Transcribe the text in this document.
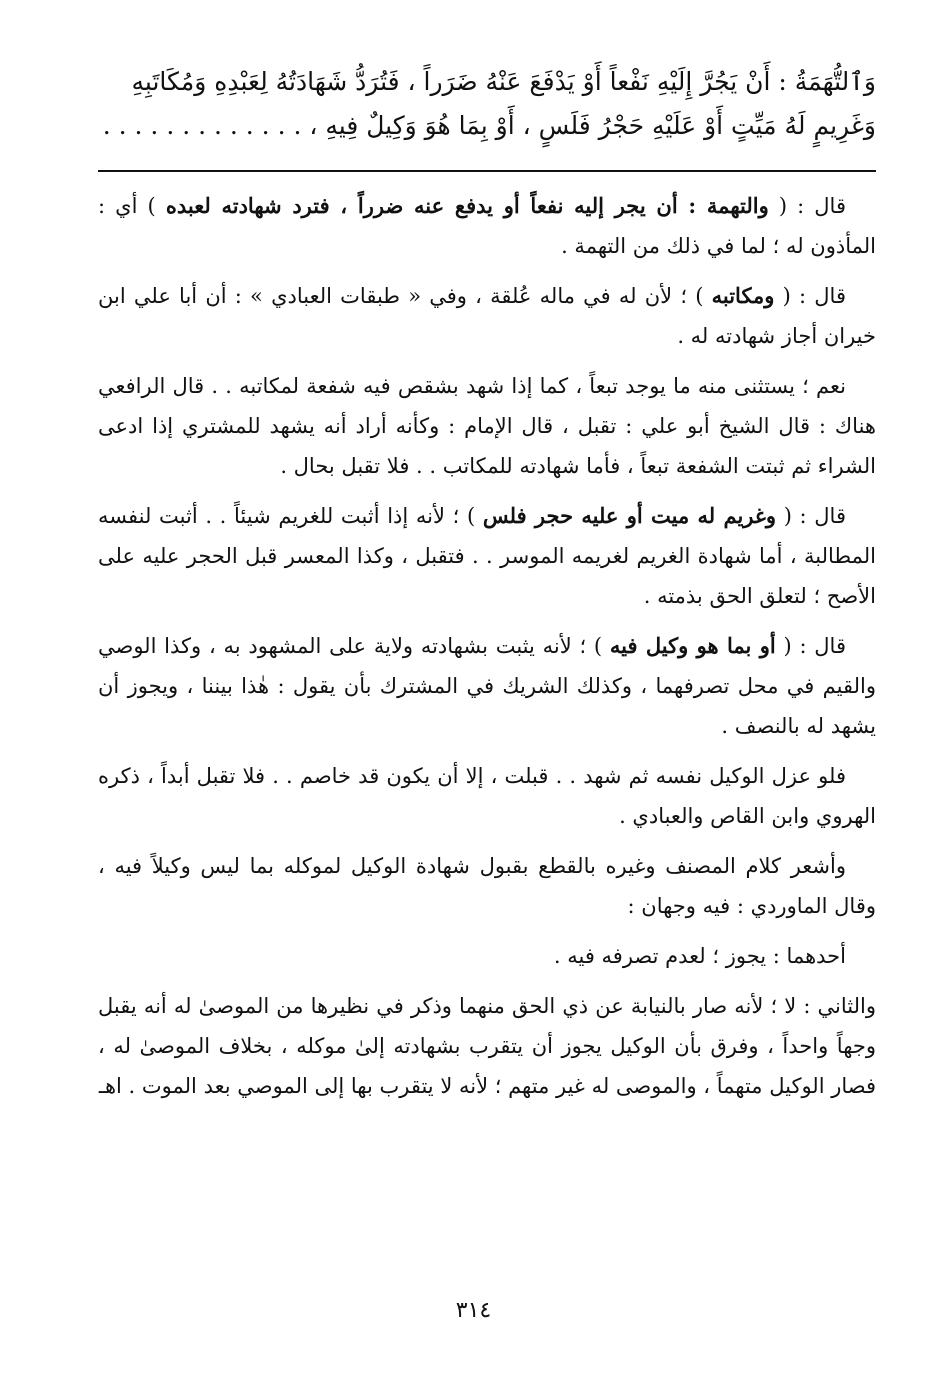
وَٱلتُّهَمَةُ : أَنْ يَجُرَّ إِلَيْهِ نَفْعاً أَوْ يَدْفَعَ عَنْهُ ضَرَراً ، فَتُرَدُّ شَهَادَتُهُ لِعَبْدِهِ وَمُكَاتَبِهِ

وَغَرِيمٍ لَهُ مَيِّتٍ أَوْ عَلَيْهِ حَجْرُ فَلَسٍ ، أَوْ بِمَا هُوَ وَكِيلٌ فِيهِ ، . . . . . . . . . . . . .

قال : ( والتهمة : أن يجر إليه نفعاً أو يدفع عنه ضرراً ، فترد شهادته لعبده ) أي : المأذون له ؛ لما في ذلك من التهمة .

قال : ( ومكاتبه ) ؛ لأن له في ماله عُلقة ، وفي « طبقات العبادي » : أن أبا علي ابن خيران أجاز شهادته له .

نعم ؛ يستثنى منه ما يوجد تبعاً ، كما إذا شهد بشقص فيه شفعة لمكاتبه . . قال الرافعي هناك : قال الشيخ أبو علي : تقبل ، قال الإمام : وكأنه أراد أنه يشهد للمشتري إذا ادعى الشراء ثم ثبتت الشفعة تبعاً ، فأما شهادته للمكاتب . . فلا تقبل بحال .

قال : ( وغريم له ميت أو عليه حجر فلس ) ؛ لأنه إذا أثبت للغريم شيئاً . . أثبت لنفسه المطالبة ، أما شهادة الغريم لغريمه الموسر . . فتقبل ، وكذا المعسر قبل الحجر عليه على الأصح ؛ لتعلق الحق بذمته .

قال : ( أو بما هو وكيل فيه ) ؛ لأنه يثبت بشهادته ولاية على المشهود به ، وكذا الوصي والقيم في محل تصرفهما ، وكذلك الشريك في المشترك بأن يقول : هٰذا بيننا ، ويجوز أن يشهد له بالنصف .

فلو عزل الوكيل نفسه ثم شهد . . قبلت ، إلا أن يكون قد خاصم . . فلا تقبل أبداً ، ذكره الهروي وابن القاص والعبادي .

وأشعر كلام المصنف وغيره بالقطع بقبول شهادة الوكيل لموكله بما ليس وكيلاً فيه ، وقال الماوردي : فيه وجهان :

أحدهما : يجوز ؛ لعدم تصرفه فيه .

والثاني : لا ؛ لأنه صار بالنيابة عن ذي الحق منهما وذكر في نظيرها من الموصىٰ له أنه يقبل وجهاً واحداً ، وفرق بأن الوكيل يجوز أن يتقرب بشهادته إلىٰ موكله ، بخلاف الموصىٰ له ، فصار الوكيل متهماً ، والموصى له غير متهم ؛ لأنه لا يتقرب بها إلى الموصي بعد الموت . اهـ

٣١٤
